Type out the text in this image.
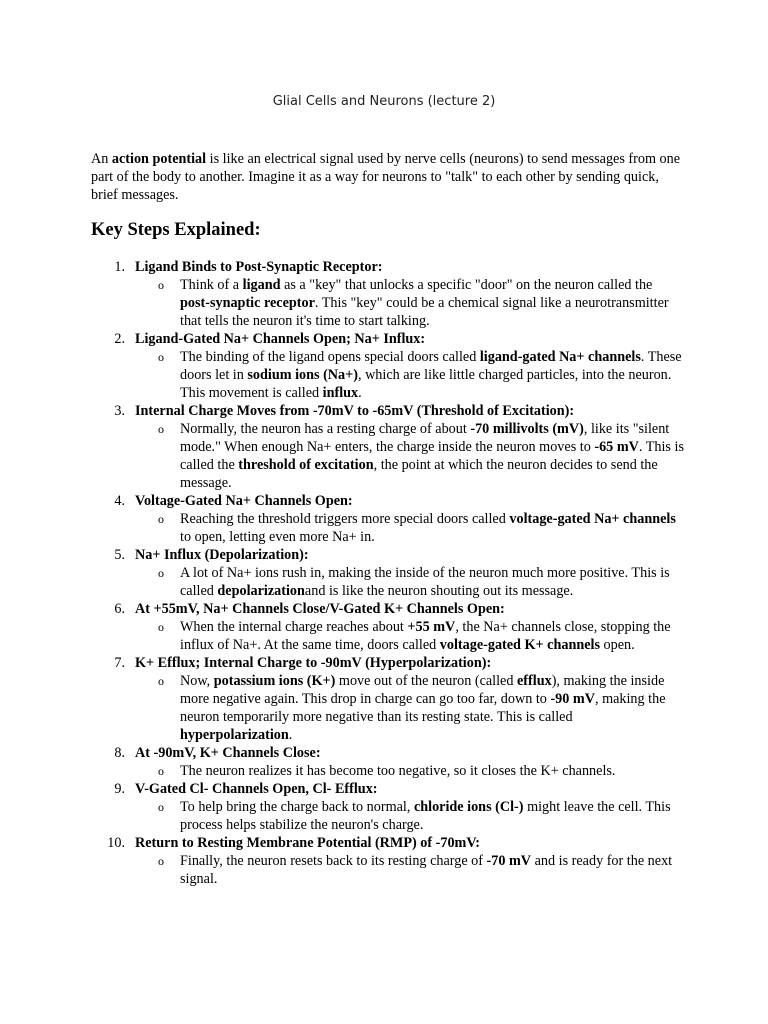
Glial Cells and Neurons (lecture 2)

An action potential is like an electrical signal used by nerve cells (neurons) to send messages from one part of the body to another. Imagine it as a way for neurons to "talk" to each other by sending quick, brief messages.

Key Steps Explained:
1. Ligand Binds to Post-Synaptic Receptor:
o Think of a ligand as a "key" that unlocks a specific "door" on the neuron called the post-synaptic receptor. This "key" could be a chemical signal like a neurotransmitter that tells the neuron it's time to start talking.
2. Ligand-Gated Na+ Channels Open; Na+ Influx:
o The binding of the ligand opens special doors called ligand-gated Na+ channels. These doors let in sodium ions (Na+), which are like little charged particles, into the neuron. This movement is called influx.
3. Internal Charge Moves from -70mV to -65mV (Threshold of Excitation):
o Normally, the neuron has a resting charge of about -70 millivolts (mV), like its "silent mode." When enough Na+ enters, the charge inside the neuron moves to -65 mV. This is called the threshold of excitation, the point at which the neuron decides to send the message.
4. Voltage-Gated Na+ Channels Open:
o Reaching the threshold triggers more special doors called voltage-gated Na+ channels to open, letting even more Na+ in.
5. Na+ Influx (Depolarization):
o A lot of Na+ ions rush in, making the inside of the neuron much more positive. This is called depolarizationand is like the neuron shouting out its message.
6. At +55mV, Na+ Channels Close/V-Gated K+ Channels Open:
o When the internal charge reaches about +55 mV, the Na+ channels close, stopping the influx of Na+. At the same time, doors called voltage-gated K+ channels open.
7. K+ Efflux; Internal Charge to -90mV (Hyperpolarization):
o Now, potassium ions (K+) move out of the neuron (called efflux), making the inside more negative again. This drop in charge can go too far, down to -90 mV, making the neuron temporarily more negative than its resting state. This is called hyperpolarization.
8. At -90mV, K+ Channels Close:
o The neuron realizes it has become too negative, so it closes the K+ channels.
9. V-Gated Cl- Channels Open, Cl- Efflux:
o To help bring the charge back to normal, chloride ions (Cl-) might leave the cell. This process helps stabilize the neuron's charge.
10. Return to Resting Membrane Potential (RMP) of -70mV:
o Finally, the neuron resets back to its resting charge of -70 mV and is ready for the next signal.
